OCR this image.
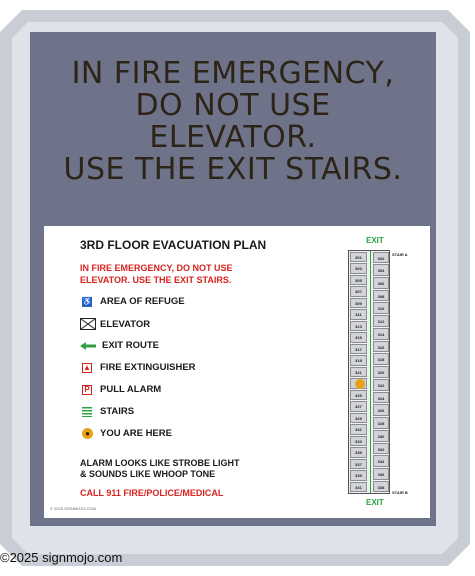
IN FIRE EMERGENCY,
DO NOT USE
ELEVATOR.
USE THE EXIT STAIRS.
3RD FLOOR EVACUATION PLAN
IN FIRE EMERGENCY, DO NOT USE
ELEVATOR. USE THE EXIT STAIRS.
♿ AREA OF REFUGE
ELEVATOR
EXIT ROUTE
▲ FIRE EXTINGUISHER
P PULL ALARM
STAIRS
●	YOU ARE HERE
ALARM LOOKS LIKE STROBE LIGHT
& SOUNDS LIKE WHOOP TONE
CALL 911 FIRE/POLICE/MEDICAL
© 2025 SIGNMOJO.COM
EXIT
STAIR A
301
303
305
307
309
311
313
315
317
319
321
325
327
329
331
333
335
337
339
341
302
304
306
308
310
312
314
316
318
320
322
324
326
328
330
332
334
336
338
STAIR B
EXIT
©2025 signmojo.com
